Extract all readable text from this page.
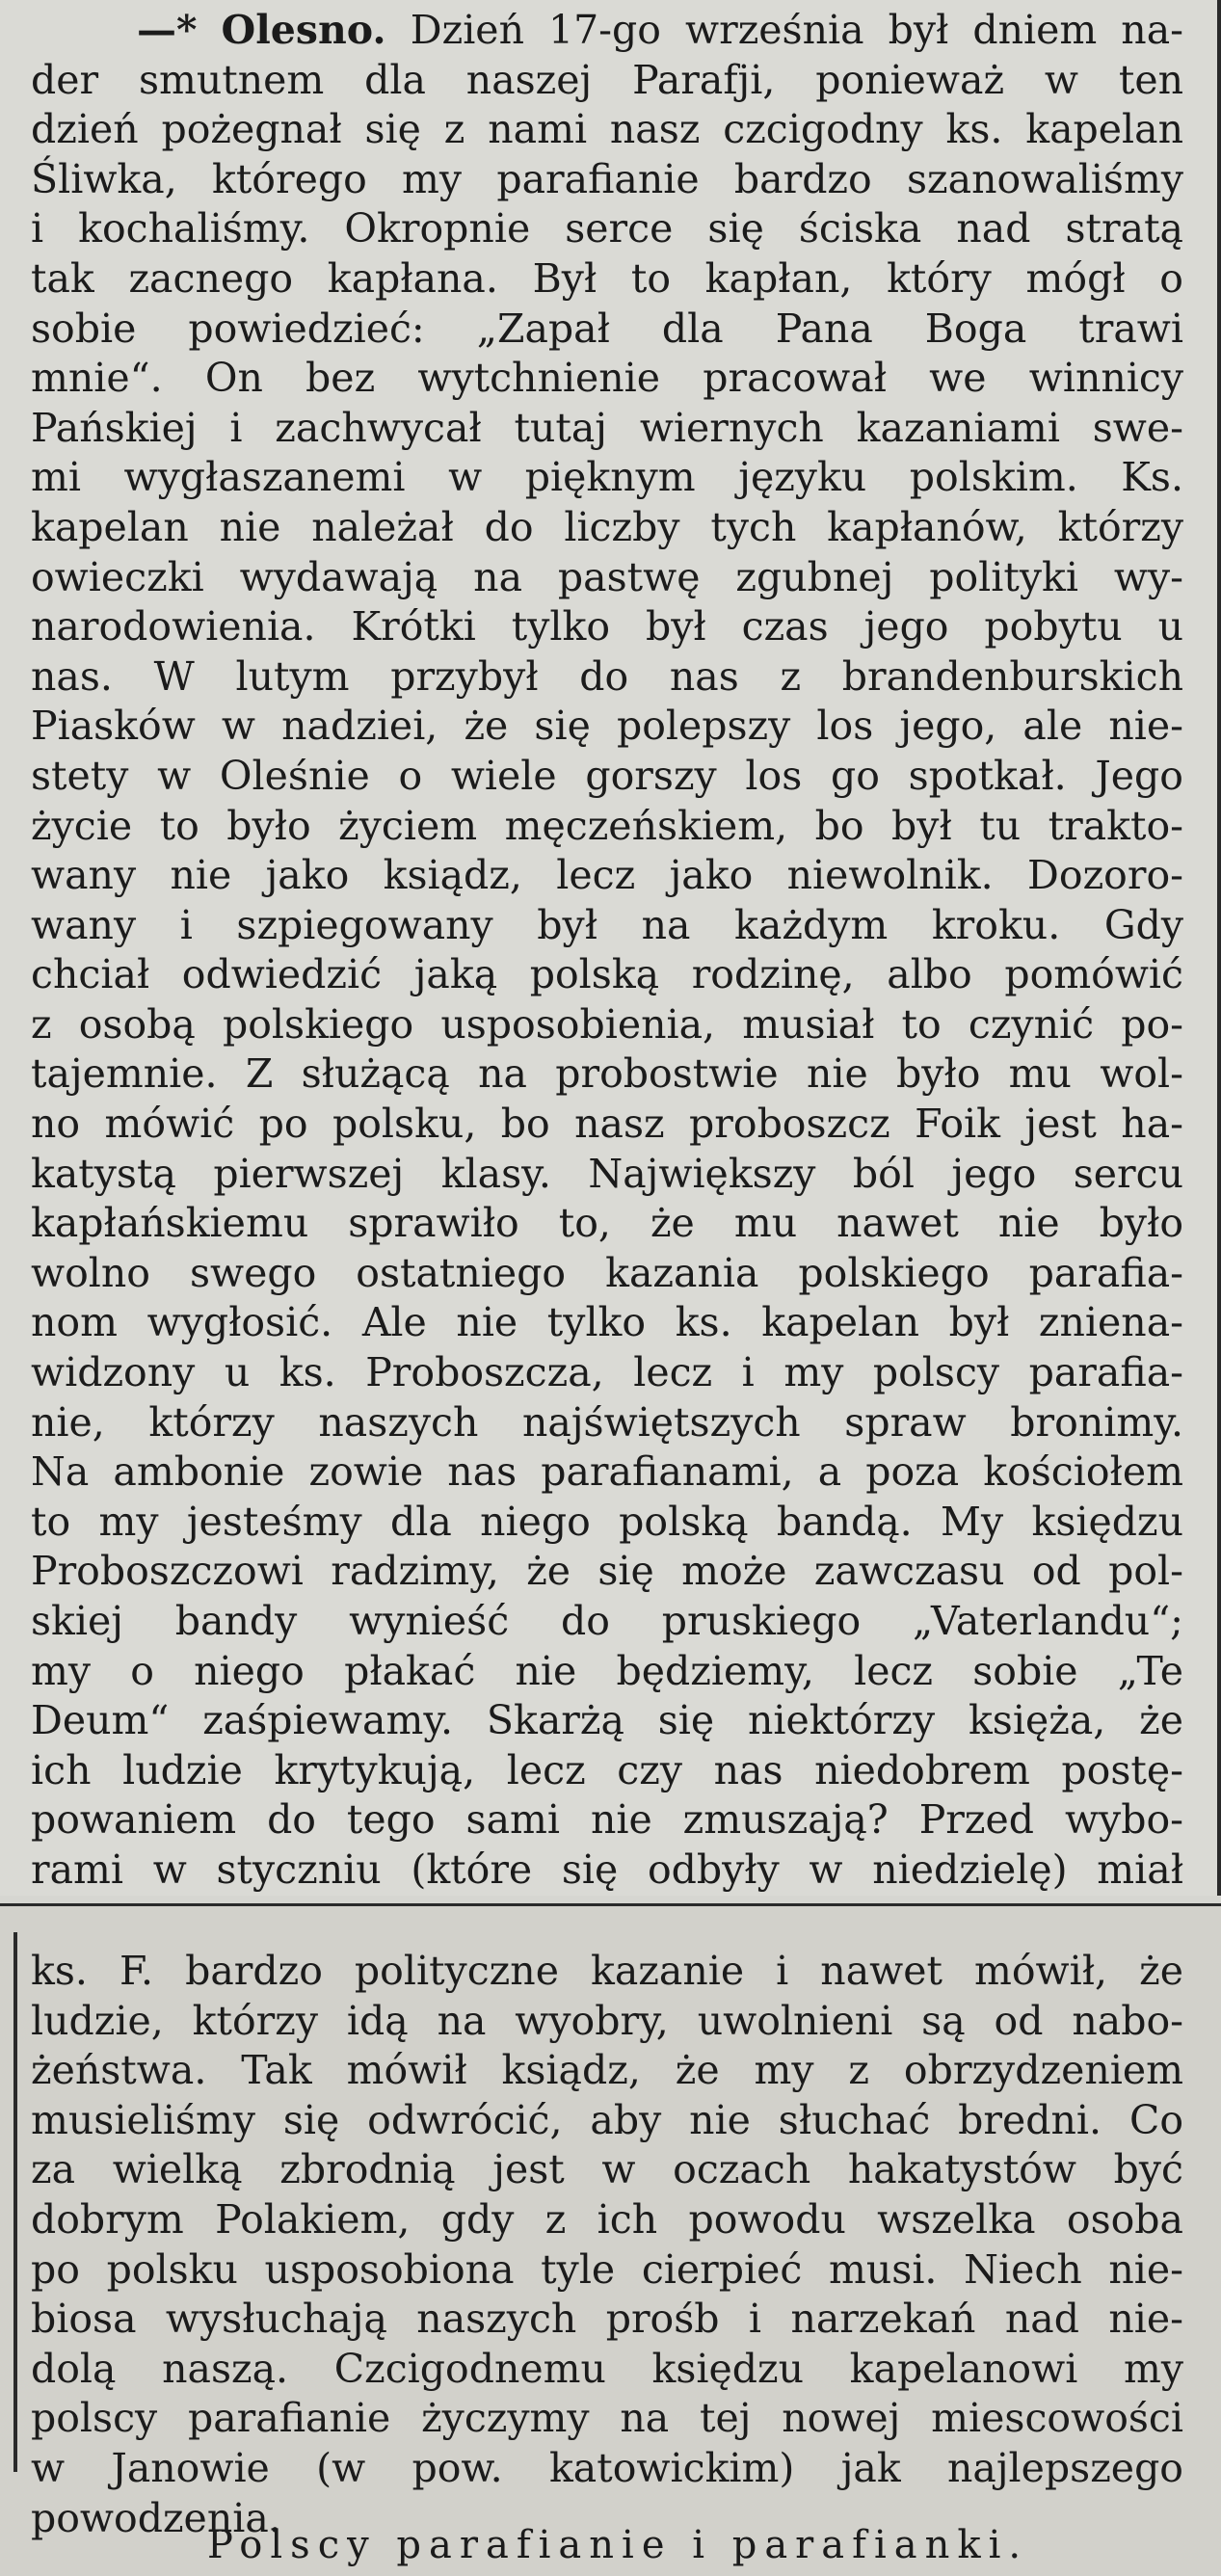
—* Olesno. Dzień 17-go września był dniem na-
der smutnem dla naszej Parafji, ponieważ w ten
dzień pożegnał się z nami nasz czcigodny ks. kapelan
Śliwka, którego my parafianie bardzo szanowaliśmy
i kochaliśmy. Okropnie serce się ściska nad stratą
tak zacnego kapłana. Był to kapłan, który mógł o
sobie powiedzieć: „Zapał dla Pana Boga trawi
mnie“. On bez wytchnienie pracował we winnicy
Pańskiej i zachwycał tutaj wiernych kazaniami swe-
mi wygłaszanemi w pięknym języku polskim. Ks.
kapelan nie należał do liczby tych kapłanów, którzy
owieczki wydawają na pastwę zgubnej polityki wy-
narodowienia. Krótki tylko był czas jego pobytu u
nas. W lutym przybył do nas z brandenburskich
Piasków w nadziei, że się polepszy los jego, ale nie-
stety w Oleśnie o wiele gorszy los go spotkał. Jego
życie to było życiem męczeńskiem, bo był tu trakto-
wany nie jako ksiądz, lecz jako niewolnik. Dozoro-
wany i szpiegowany był na każdym kroku. Gdy
chciał odwiedzić jaką polską rodzinę, albo pomówić
z osobą polskiego usposobienia, musiał to czynić po-
tajemnie. Z służącą na probostwie nie było mu wol-
no mówić po polsku, bo nasz proboszcz Foik jest ha-
katystą pierwszej klasy. Największy ból jego sercu
kapłańskiemu sprawiło to, że mu nawet nie było
wolno swego ostatniego kazania polskiego parafia-
nom wygłosić. Ale nie tylko ks. kapelan był zniena-
widzony u ks. Proboszcza, lecz i my polscy parafia-
nie, którzy naszych najświętszych spraw bronimy.
Na ambonie zowie nas parafianami, a poza kościołem
to my jesteśmy dla niego polską bandą. My księdzu
Proboszczowi radzimy, że się może zawczasu od pol-
skiej bandy wynieść do pruskiego „Vaterlandu“;
my o niego płakać nie będziemy, lecz sobie „Te
Deum“ zaśpiewamy. Skarżą się niektórzy księża, że
ich ludzie krytykują, lecz czy nas niedobrem postę-
powaniem do tego sami nie zmuszają? Przed wybo-
rami w styczniu (które się odbyły w niedzielę) miał
ks. F. bardzo polityczne kazanie i nawet mówił, że
ludzie, którzy idą na wyobry, uwolnieni są od nabo-
żeństwa. Tak mówił ksiądz, że my z obrzydzeniem
musieliśmy się odwrócić, aby nie słuchać bredni. Co
za wielką zbrodnią jest w oczach hakatystów być
dobrym Polakiem, gdy z ich powodu wszelka osoba
po polsku usposobiona tyle cierpieć musi. Niech nie-
biosa wysłuchają naszych prośb i narzekań nad nie-
dolą naszą. Czcigodnemu księdzu kapelanowi my
polscy parafianie życzymy na tej nowej miescowości
w Janowie (w pow. katowickim) jak najlepszego
powodzenia.
Polscy parafianie i parafianki.
